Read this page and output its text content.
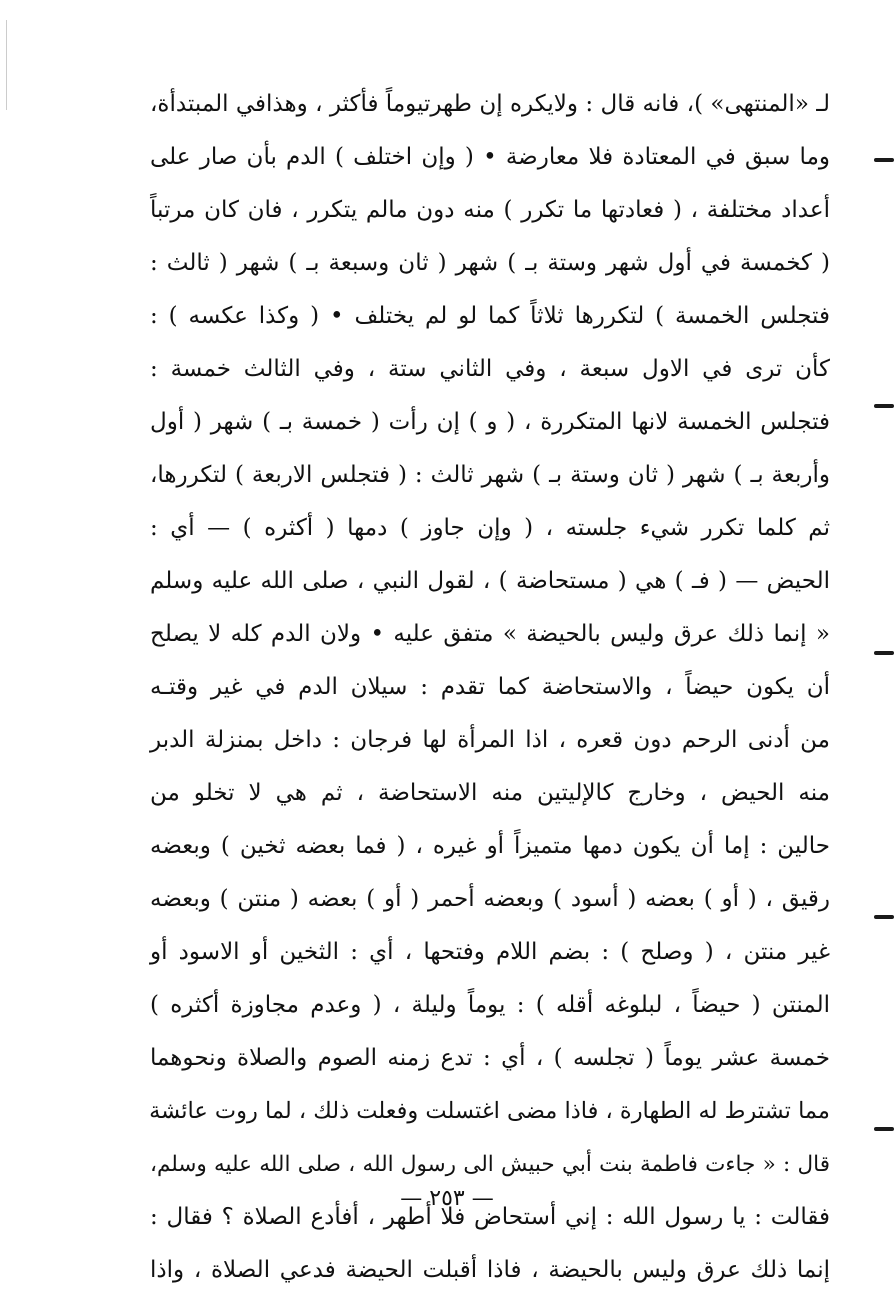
لـ «المنتهى» )، فانه قال : ولايكره إن طهرتيوماً فأكثر ، وهذافي المبتدأة،
وما سبق في المعتادة فلا معارضة • ( وإن اختلف ) الدم بأن صار على
أعداد مختلفة ، ( فعادتها ما تكرر ) منه دون مالم يتكرر ، فان كان مرتباً
( كخمسة في أول شهر وستة بـ ) شهر ( ثان وسبعة بـ ) شهر ( ثالث :
فتجلس الخمسة ) لتكررها ثلاثاً كما لو لم يختلف • ( وكذا عكسه ) :
كأن ترى في الاول سبعة ، وفي الثاني ستة ، وفي الثالث خمسة :
فتجلس الخمسة لانها المتكررة ، ( و ) إن رأت ( خمسة بـ ) شهر ( أول
وأربعة بـ ) شهر ( ثان وستة بـ ) شهر ثالث : ( فتجلس الاربعة ) لتكررها،
ثم كلما تكرر شيء جلسته ، ( وإن جاوز ) دمها ( أكثره ) — أي :
الحيض — ( فـ ) هي ( مستحاضة ) ، لقول النبي ، صلى الله عليه وسلم
« إنما ذلك عرق وليس بالحيضة » متفق عليه • ولان الدم كله لا يصلح
أن يكون حيضاً ، والاستحاضة كما تقدم : سيلان الدم في غير وقتـه
من أدنى الرحم دون قعره ، اذا المرأة لها فرجان : داخل بمنزلة الدبر
منه الحيض ، وخارج كالإليتين منه الاستحاضة ، ثم هي لا تخلو من
حالين : إما أن يكون دمها متميزاً أو غيره ، ( فما بعضه ثخين ) وبعضه
رقيق ، ( أو ) بعضه ( أسود ) وبعضه أحمر ( أو ) بعضه ( منتن ) وبعضه
غير منتن ، ( وصلح ) : بضم اللام وفتحها ، أي : الثخين أو الاسود أو
المنتن ( حيضاً ، لبلوغه أقله ) : يوماً وليلة ، ( وعدم مجاوزة أكثره )
خمسة عشر يوماً ( تجلسه ) ، أي : تدع زمنه الصوم والصلاة ونحوهما
مما تشترط له الطهارة ، فاذا مضى اغتسلت وفعلت ذلك ، لما روت عائشة
قال : « جاءت فاطمة بنت أبي حبيش الى رسول الله ، صلى الله عليه وسلم،
فقالت : يا رسول الله : إني أستحاض فلا أطهر ، أفأدع الصلاة ؟ فقال :
إنما ذلك عرق وليس بالحيضة ، فاذا أقبلت الحيضة فدعي الصلاة ، واذا
— ٢٥٣ —
